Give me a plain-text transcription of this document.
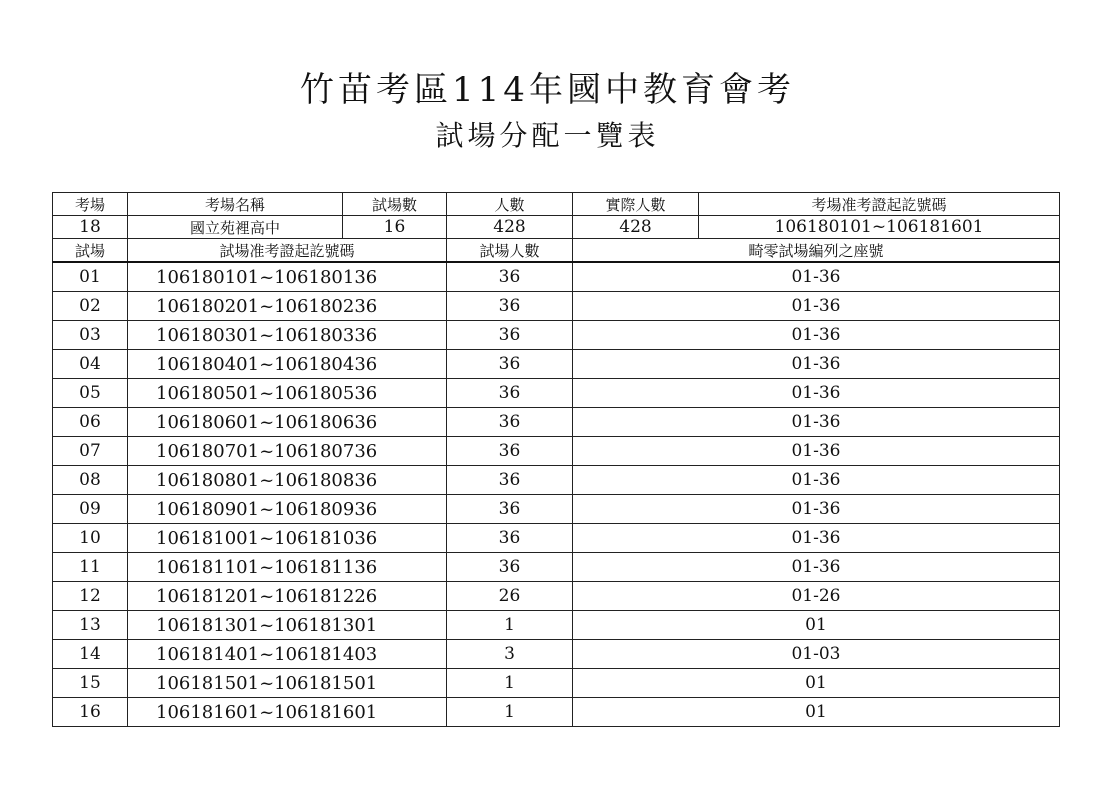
竹苗考區114年國中教育會考
試場分配一覽表
考場	考場名稱	試場數	人數	實際人數	考場准考證起訖號碼
18	國立苑裡高中	16	428	428	106180101~106181601
試場	試場准考證起訖號碼		試場人數	畸零試場編列之座號	
01	106180101~106180136		36	01-36	
02	106180201~106180236		36	01-36	
03	106180301~106180336		36	01-36	
04	106180401~106180436		36	01-36	
05	106180501~106180536		36	01-36	
06	106180601~106180636		36	01-36	
07	106180701~106180736		36	01-36	
08	106180801~106180836		36	01-36	
09	106180901~106180936		36	01-36	
10	106181001~106181036		36	01-36	
11	106181101~106181136		36	01-36	
12	106181201~106181226		26	01-26	
13	106181301~106181301		1	01	
14	106181401~106181403		3	01-03	
15	106181501~106181501		1	01	
16	106181601~106181601		1	01	
